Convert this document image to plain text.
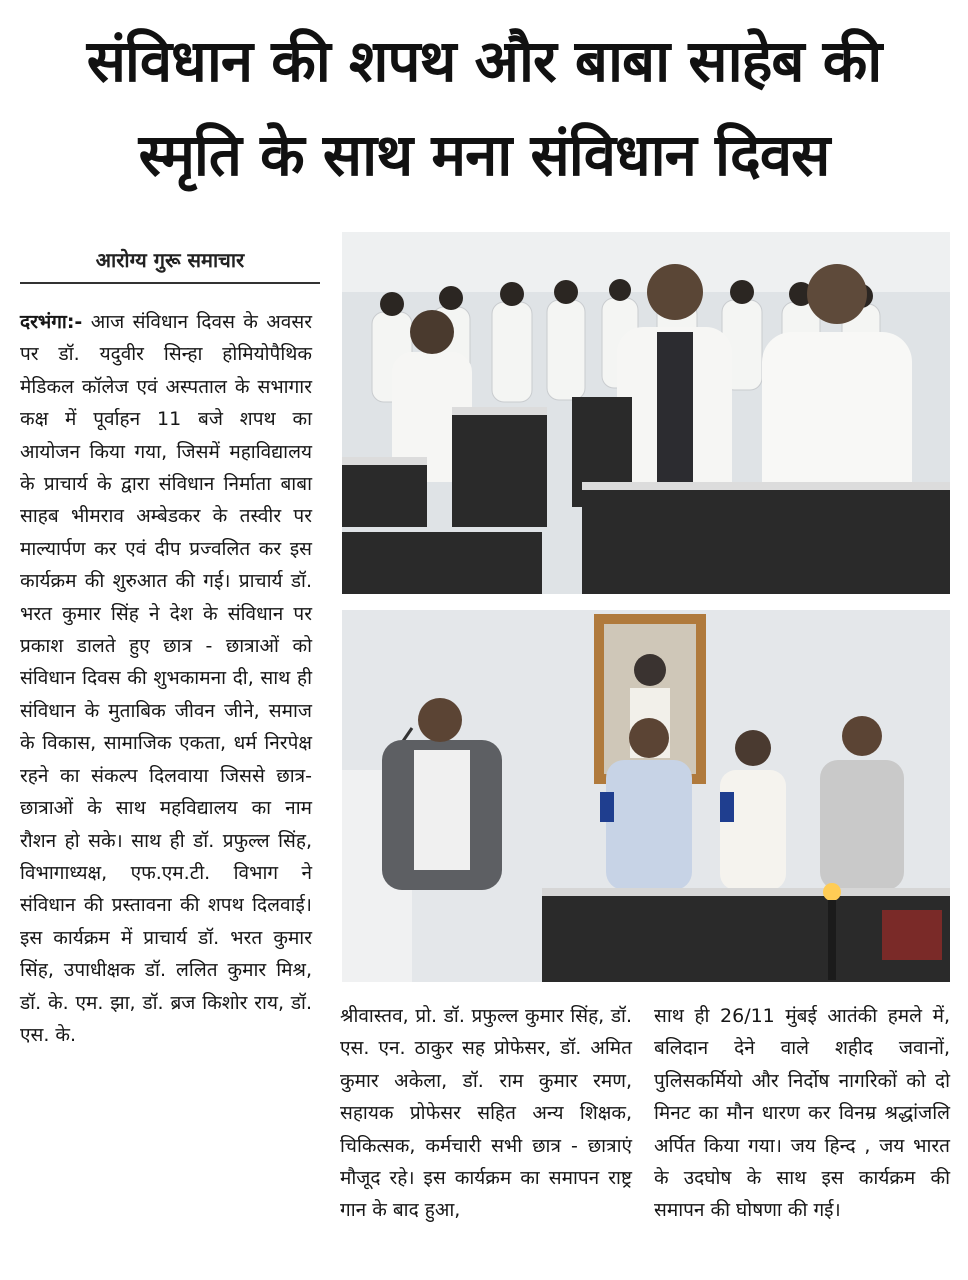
संविधान की शपथ और बाबा साहेब की
स्मृति के साथ मना संविधान दिवस
आरोग्य गुरू समाचार

दरभंगा:- आज संविधान दिवस के अवसर पर डॉ. यदुवीर सिन्हा होमियोपैथिक मेडिकल कॉलेज एवं अस्पताल के सभागार कक्ष में पूर्वाहन 11 बजे शपथ का आयोजन किया गया, जिसमें महाविद्यालय के प्राचार्य के द्वारा संविधान निर्माता बाबा साहब भीमराव अम्बेडकर के तस्वीर पर माल्यार्पण कर एवं दीप प्रज्वलित कर इस कार्यक्रम की शुरुआत की गई। प्राचार्य डॉ. भरत कुमार सिंह ने देश के संविधान पर प्रकाश डालते हुए छात्र - छात्राओं को संविधान दिवस की शुभकामना दी, साथ ही संविधान के मुताबिक जीवन जीने, समाज के विकास, सामाजिक एकता, धर्म निरपेक्ष रहने का संकल्प दिलवाया जिससे छात्र-छात्राओं के साथ महविद्यालय का नाम रौशन हो सके। साथ ही डॉ. प्रफुल्ल सिंह, विभागाध्यक्ष, एफ.एम.टी. विभाग ने संविधान की प्रस्तावना की शपथ दिलवाई। इस कार्यक्रम में प्राचार्य डॉ. भरत कुमार सिंह, उपाधीक्षक डॉ. ललित कुमार मिश्र, डॉ. के. एम. झा, डॉ. ब्रज किशोर राय, डॉ. एस. के.

श्रीवास्तव, प्रो. डॉ. प्रफुल्ल कुमार सिंह, डॉ. एस. एन. ठाकुर सह प्रोफेसर, डॉ. अमित कुमार अकेला, डॉ. राम कुमार रमण, सहायक प्रोफेसर सहित अन्य शिक्षक, चिकित्सक, कर्मचारी सभी छात्र - छात्राएं मौजूद रहे। इस कार्यक्रम का समापन राष्ट्र गान के बाद हुआ,

साथ ही 26/11 मुंबई आतंकी हमले में, बलिदान देने वाले शहीद जवानों, पुलिसकर्मियो और निर्दोष नागरिकों को दो मिनट का मौन धारण कर विनम्र श्रद्धांजलि अर्पित किया गया। जय हिन्द , जय भारत के उदघोष के साथ इस कार्यक्रम की समापन की घोषणा की गई।
